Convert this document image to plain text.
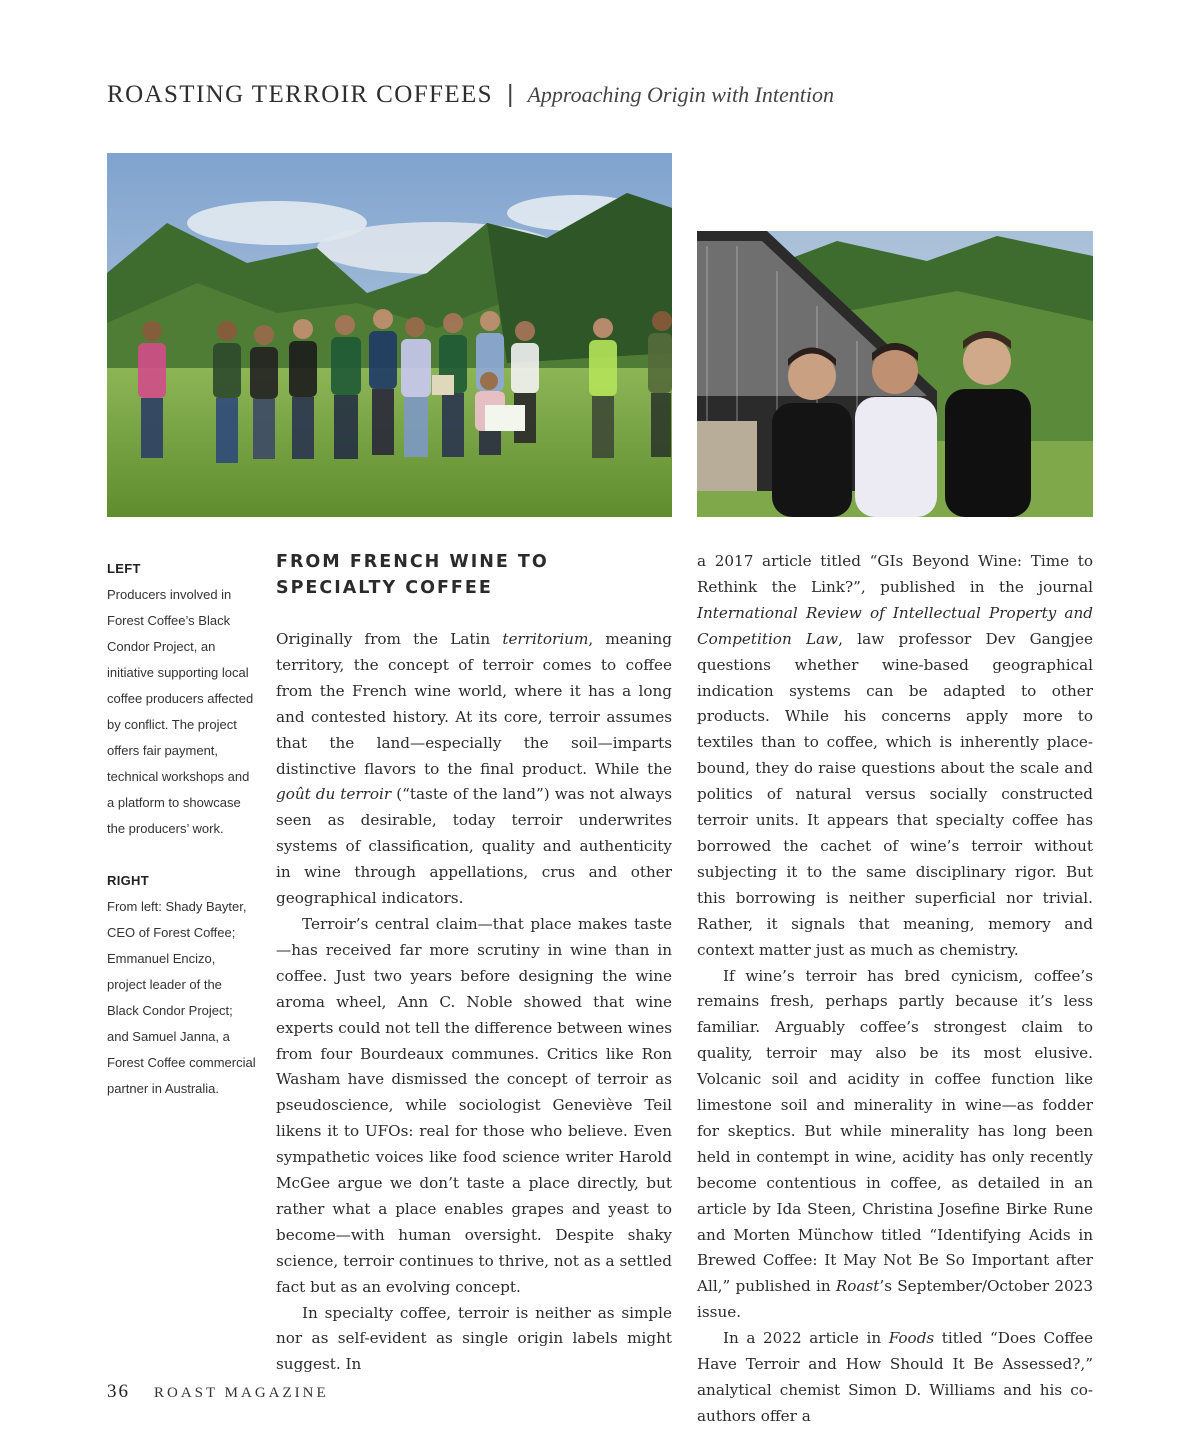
ROASTING TERROIR COFFEES | Approaching Origin with Intention
LEFT
Producers involved in Forest Coffee’s Black Condor Project, an initiative supporting local coffee producers affected by conflict. The project offers fair payment, technical workshops and a platform to showcase the producers’ work.
RIGHT
From left: Shady Bayter, CEO of Forest Coffee; Emmanuel Encizo, project leader of the Black Condor Project; and Samuel Janna, a Forest Coffee commercial partner in Australia.
FROM FRENCH WINE TO SPECIALTY COFFEE

Originally from the Latin territorium, meaning territory, the concept of terroir comes to coffee from the French wine world, where it has a long and contested history. At its core, terroir assumes that the land—especially the soil—imparts distinctive flavors to the final product. While the goût du terroir (“taste of the land”) was not always seen as desirable, today terroir underwrites systems of classification, quality and authenticity in wine through appellations, crus and other geographical indicators.

Terroir’s central claim—that place makes taste—has received far more scrutiny in wine than in coffee. Just two years before designing the wine aroma wheel, Ann C. Noble showed that wine experts could not tell the difference between wines from four Bourdeaux communes. Critics like Ron Washam have dismissed the concept of terroir as pseudoscience, while sociologist Geneviève Teil likens it to UFOs: real for those who believe. Even sympathetic voices like food science writer Harold McGee argue we don’t taste a place directly, but rather what a place enables grapes and yeast to become—with human oversight. Despite shaky science, terroir continues to thrive, not as a settled fact but as an evolving concept.

In specialty coffee, terroir is neither as simple nor as self-evident as single origin labels might suggest. In

a 2017 article titled “GIs Beyond Wine: Time to Rethink the Link?”, published in the journal International Review of Intellectual Property and Competition Law, law professor Dev Gangjee questions whether wine-based geographical indication systems can be adapted to other products. While his concerns apply more to textiles than to coffee, which is inherently place-bound, they do raise questions about the scale and politics of natural versus socially constructed terroir units. It appears that specialty coffee has borrowed the cachet of wine’s terroir without subjecting it to the same disciplinary rigor. But this borrowing is neither superficial nor trivial. Rather, it signals that meaning, memory and context matter just as much as chemistry.

If wine’s terroir has bred cynicism, coffee’s remains fresh, perhaps partly because it’s less familiar. Arguably coffee’s strongest claim to quality, terroir may also be its most elusive. Volcanic soil and acidity in coffee function like limestone soil and minerality in wine—as fodder for skeptics. But while minerality has long been held in contempt in wine, acidity has only recently become contentious in coffee, as detailed in an article by Ida Steen, Christina Josefine Birke Rune and Morten Münchow titled “Identifying Acids in Brewed Coffee: It May Not Be So Important after All,” published in Roast’s September/October 2023 issue.

In a 2022 article in Foods titled “Does Coffee Have Terroir and How Should It Be Assessed?,” analytical chemist Simon D. Williams and his co-authors offer a

36 ROAST MAGAZINE
